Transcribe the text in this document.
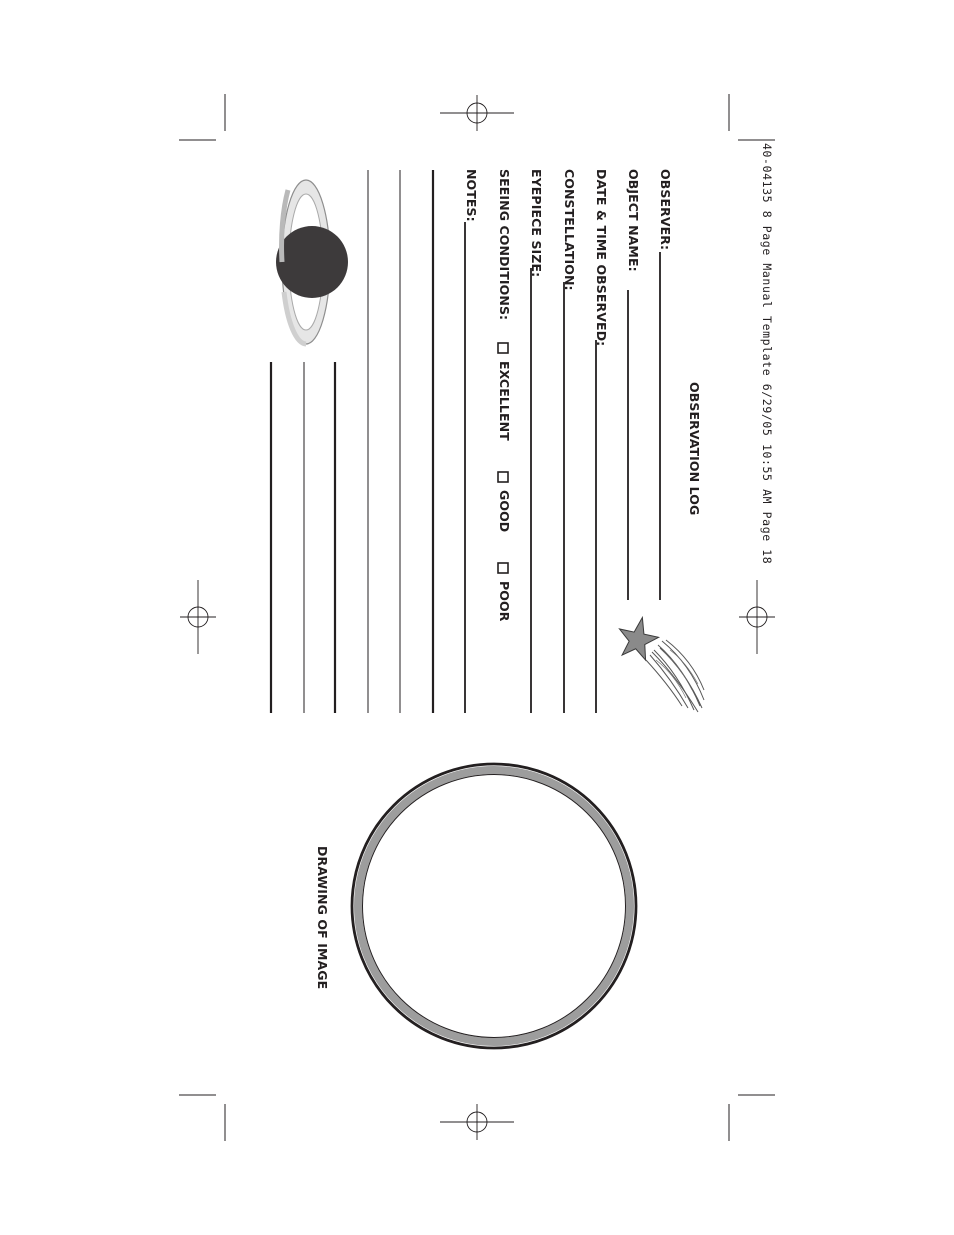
40-04135 8 Page Manual Template 6/29/05 10:55 AM Page 18
OBSERVATION LOG
OBSERVER:
OBJECT NAME:
DATE & TIME OBSERVED:
CONSTELLATION:
EYEPIECE SIZE:
SEEING CONDITIONS:
NOTES:
EXCELLENT
GOOD
POOR
DRAWING OF IMAGE
